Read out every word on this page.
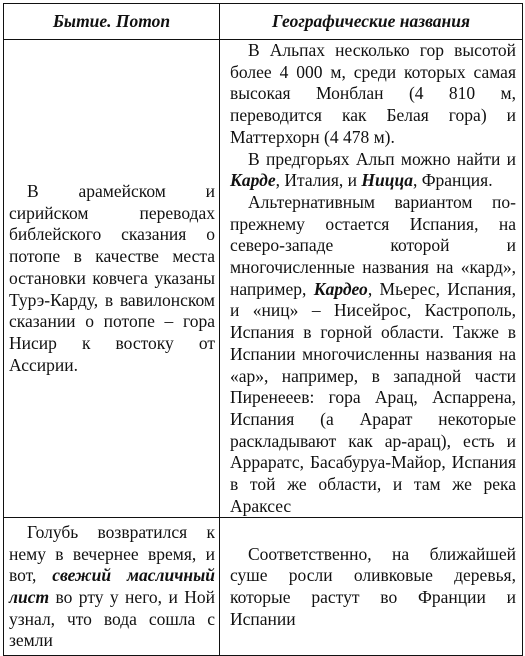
Бытие. Потоп	Географические названия

В арамейском и сирийском переводах библейского сказания о потопе в качестве места остановки ковчега указаны Турэ-Карду, в вавилонском сказании о потопе – гора Нисир к востоку от Ассирии.	В Альпах несколько гор высотой более 4 000 м, среди которых самая высокая Монблан (4 810 м, переводится как Белая гора) и Маттерхорн (4 478 м).

В предгорьях Альп можно найти и Карде, Италия, и Ницца, Франция.

Альтернативным вариантом по-прежнему остается Испания, на северо-западе которой и многочисленные названия на «кард», например, Кардео, Мьерес, Испания, и «ниц» – Нисейрос, Кастрополь, Испания в горной области. Также в Испании многочисленны названия на «ар», например, в западной части Пиренееев: гора Арац, Аспаррена, Испания (а Арарат некоторые раскладывают как ар-арац), есть и Арраратс, Басабуруа-Майор, Испания в той же области, и там же река Араксес

Голубь возвратился к нему в вечернее время, и вот, свежий масличный лист во рту у него, и Ной узнал, что вода сошла с земли	Соответственно, на ближайшей суше росли оливковые деревья, которые растут во Франции и Испании
